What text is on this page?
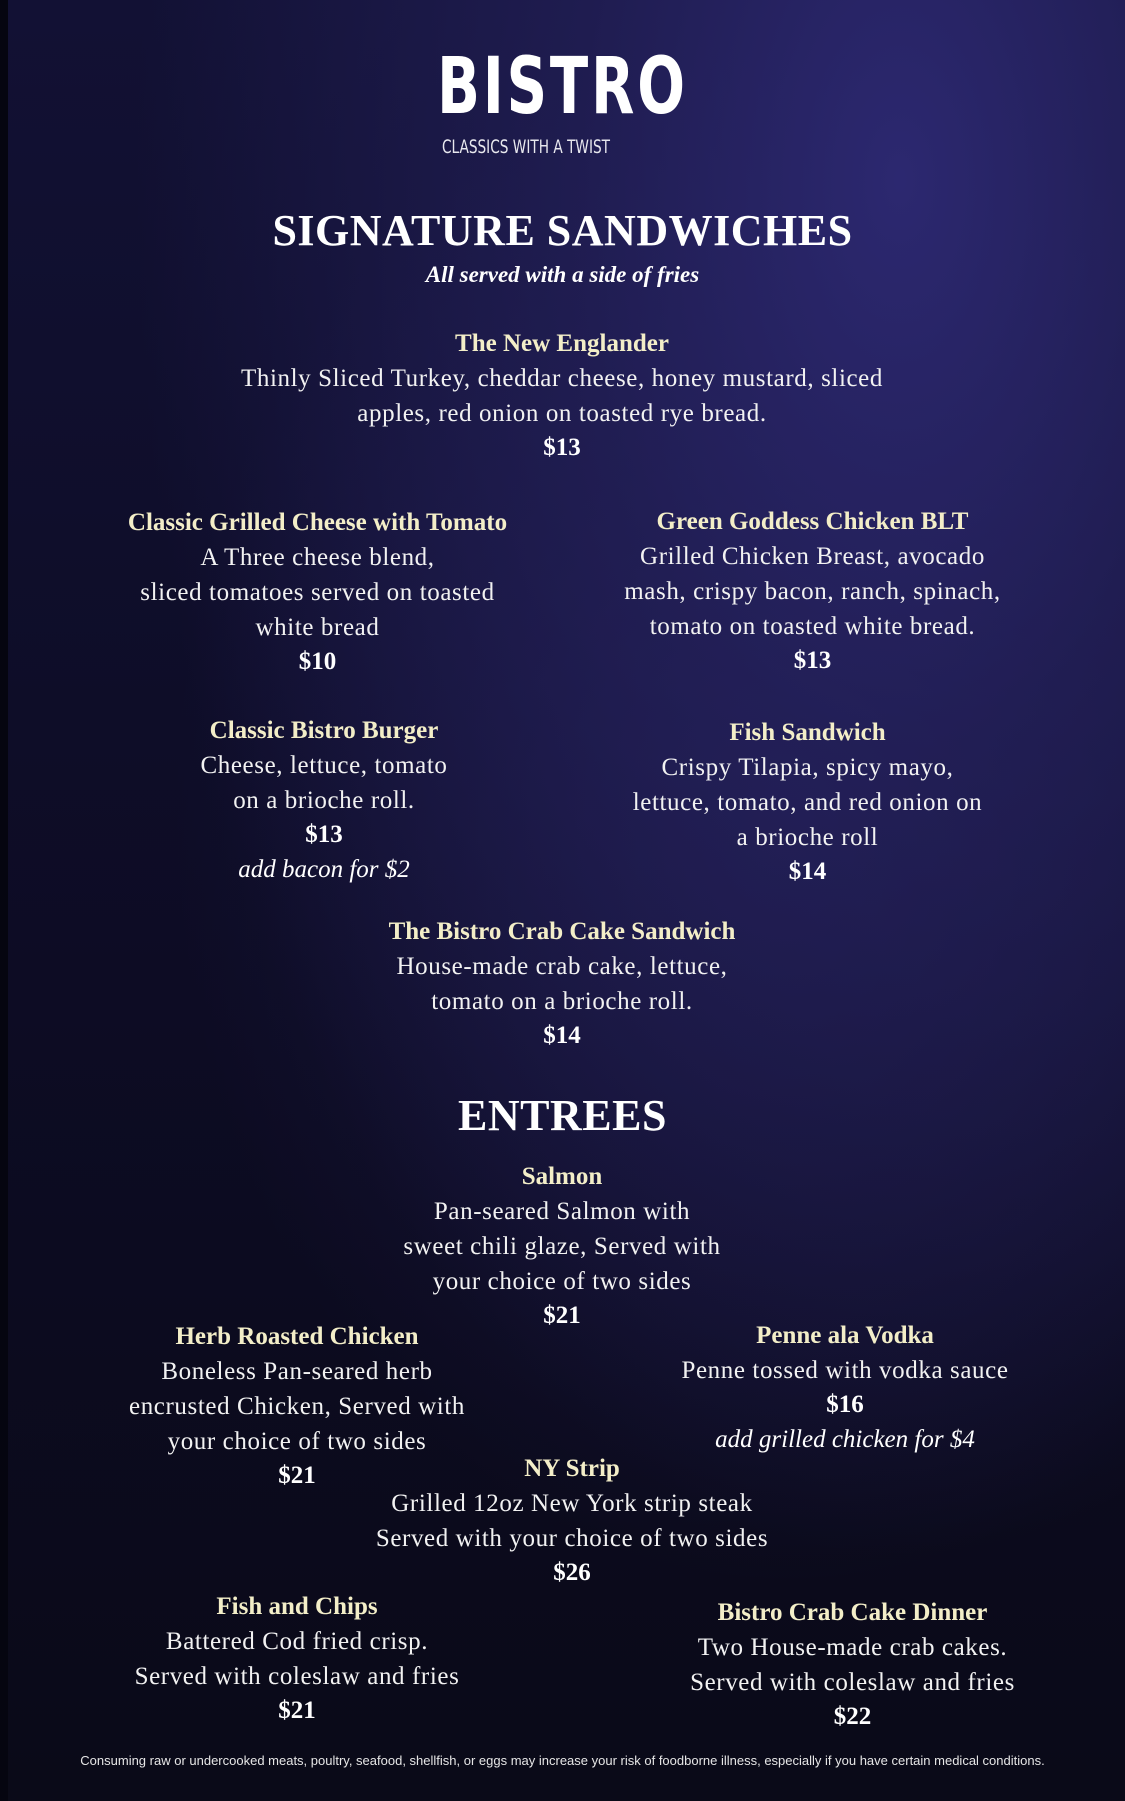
BISTRO
CLASSICS WITH A TWIST
SIGNATURE SANDWICHES
All served with a side of fries
The New Englander
Thinly Sliced Turkey, cheddar cheese, honey mustard, sliced
apples, red onion on toasted rye bread.
$13
Classic Grilled Cheese with Tomato
A Three cheese blend,
sliced tomatoes served on toasted
white bread
$10
Green Goddess Chicken BLT
Grilled Chicken Breast, avocado
mash, crispy bacon, ranch, spinach,
tomato on toasted white bread.
$13
Classic Bistro Burger
Cheese, lettuce, tomato
on a brioche roll.
$13
add bacon for $2
Fish Sandwich
Crispy Tilapia, spicy mayo,
lettuce, tomato, and red onion on
a brioche roll
$14
The Bistro Crab Cake Sandwich
House-made crab cake, lettuce,
tomato on a brioche roll.
$14
ENTREES
Salmon
Pan-seared Salmon with
sweet chili glaze, Served with
your choice of two sides
$21
Herb Roasted Chicken
Boneless Pan-seared herb
encrusted Chicken, Served with
your choice of two sides
$21
Penne ala Vodka
Penne tossed with vodka sauce
$16
add grilled chicken for $4
NY Strip
Grilled 12oz New York strip steak
Served with your choice of two sides
$26
Fish and Chips
Battered Cod fried crisp.
Served with coleslaw and fries
$21
Bistro Crab Cake Dinner
Two House-made crab cakes.
Served with coleslaw and fries
$22
Consuming raw or undercooked meats, poultry, seafood, shellfish, or eggs may increase your risk of foodborne illness, especially if you have certain medical conditions.
